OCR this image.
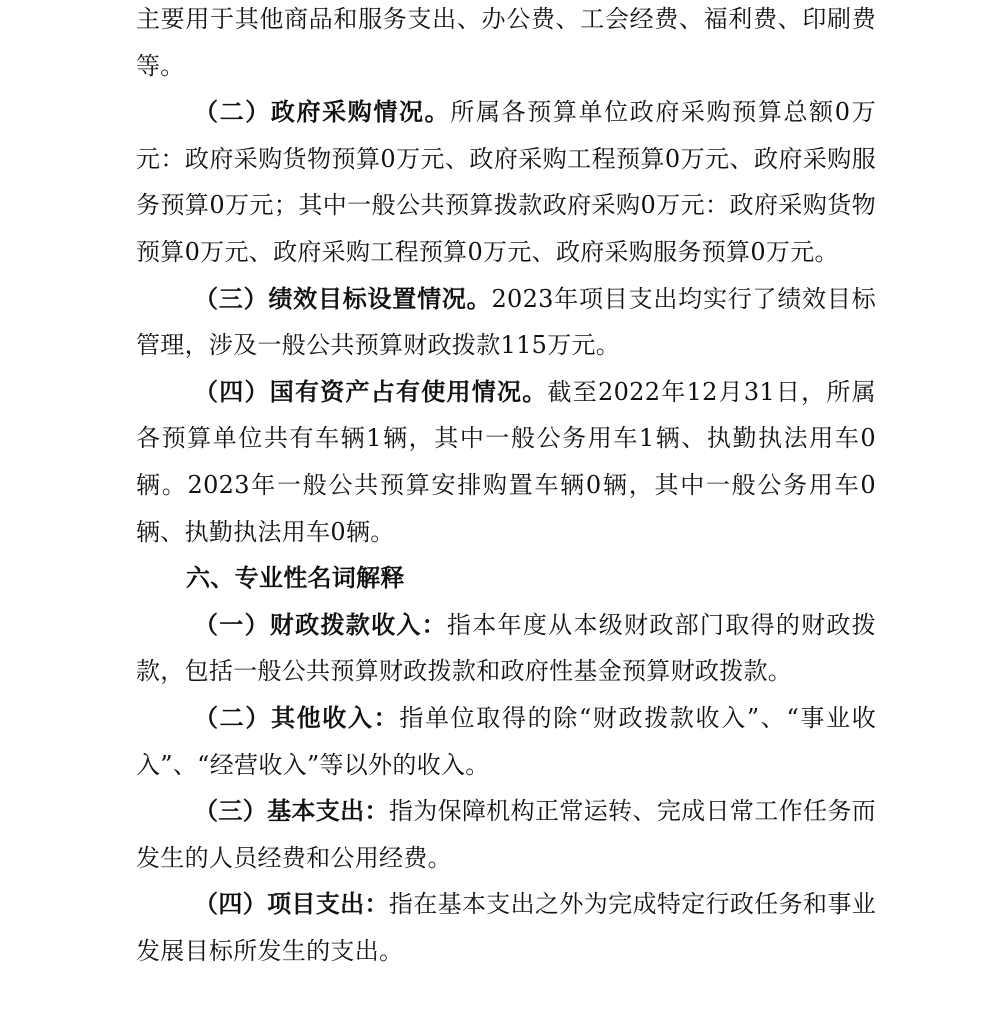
主要用于其他商品和服务支出、办公费、工会经费、福利费、印刷费等。

（二）政府采购情况。所属各预算单位政府采购预算总额0万元：政府采购货物预算0万元、政府采购工程预算0万元、政府采购服务预算0万元；其中一般公共预算拨款政府采购0万元：政府采购货物预算0万元、政府采购工程预算0万元、政府采购服务预算0万元。

（三）绩效目标设置情况。2023年项目支出均实行了绩效目标管理，涉及一般公共预算财政拨款115万元。

（四）国有资产占有使用情况。截至2022年12月31日，所属各预算单位共有车辆1辆，其中一般公务用车1辆、执勤执法用车0辆。2023年一般公共预算安排购置车辆0辆，其中一般公务用车0辆、执勤执法用车0辆。

六、专业性名词解释

（一）财政拨款收入：指本年度从本级财政部门取得的财政拨款，包括一般公共预算财政拨款和政府性基金预算财政拨款。

（二）其他收入：指单位取得的除“财政拨款收入”、“事业收入”、“经营收入”等以外的收入。

（三）基本支出：指为保障机构正常运转、完成日常工作任务而发生的人员经费和公用经费。

（四）项目支出：指在基本支出之外为完成特定行政任务和事业发展目标所发生的支出。
